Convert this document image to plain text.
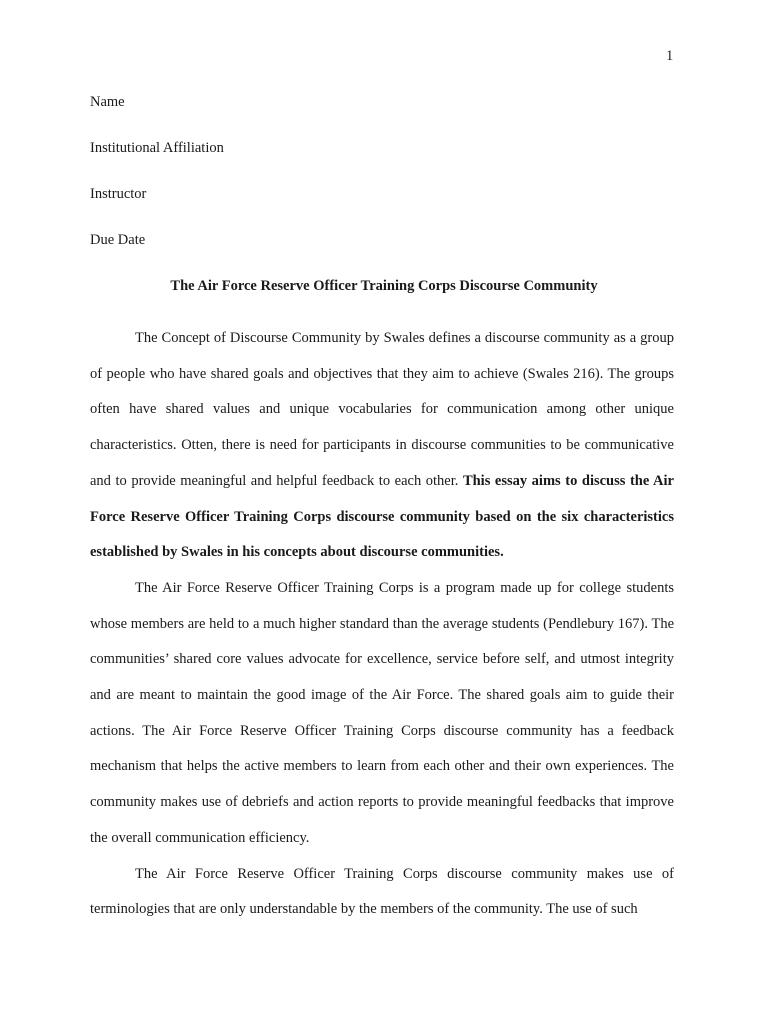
1
Name
Institutional Affiliation
Instructor
Due Date
The Air Force Reserve Officer Training Corps Discourse Community

The Concept of Discourse Community by Swales defines a discourse community as a group of people who have shared goals and objectives that they aim to achieve (Swales 216). The groups often have shared values and unique vocabularies for communication among other unique characteristics. Otten, there is need for participants in discourse communities to be communicative and to provide meaningful and helpful feedback to each other. This essay aims to discuss the Air Force Reserve Officer Training Corps discourse community based on the six characteristics established by Swales in his concepts about discourse communities.

The Air Force Reserve Officer Training Corps is a program made up for college students whose members are held to a much higher standard than the average students (Pendlebury 167). The communities’ shared core values advocate for excellence, service before self, and utmost integrity and are meant to maintain the good image of the Air Force. The shared goals aim to guide their actions. The Air Force Reserve Officer Training Corps discourse community has a feedback mechanism that helps the active members to learn from each other and their own experiences. The community makes use of debriefs and action reports to provide meaningful feedbacks that improve the overall communication efficiency.

The Air Force Reserve Officer Training Corps discourse community makes use of terminologies that are only understandable by the members of the community. The use of such
